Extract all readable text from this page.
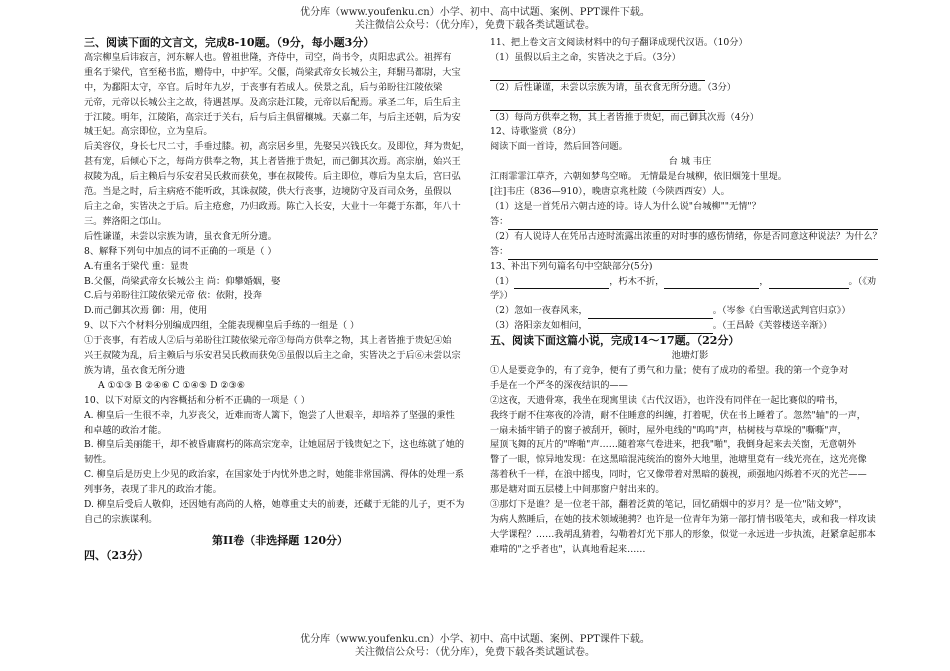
优分库（www.youfenku.cn）小学、初中、高中试题、案例、PPT课件下载。
关注微信公众号：（优分库），免费下载各类试题试卷。
三、阅读下面的文言文，完成8-10题。（9分，每小题3分）
高宗柳皇后讳寂言，河东解人也。曾祖世隆，齐侍中，司空，尚书令，贞阳忠武公。祖挥有
重名于梁代，官至秘书监，赠侍中，中护军。父偃，尚梁武帝女长城公主，拜駙马都尉，大宝
中，为鄱阳太守，卒官。后时年九岁，于丧事有若成人。侯景之乱，后与弟盼往江陵依梁
元帝，元帝以长城公主之故，待遇甚厚。及高宗赴江陵，元帝以后配焉。承圣二年，后生后主
于江陵。明年，江陵陷，高宗迁于关右，后与后主俱留穰城。天嘉二年，与后主还朝，后为安
城王妃。高宗即位，立为皇后。
后美容仪，身长七尺二寸，手垂过膝。初，高宗居乡里，先娶吴兴钱氏女。及即位，拜为贵妃，
甚有宠，后倾心下之，每尚方供奉之物，其上者皆推于贵妃，而己御其次焉。高宗崩，始兴王
叔陵为乱，后主赖后与乐安君吴氏救而获免，事在叔陵传。后主即位，尊后为皇太后，宫曰弘
范。当是之时，后主病疮不能听政，其诛叔陵，供大行丧事，边境防守及百司众务，虽假以
后主之命，实皆决之于后。后主疮愈，乃归政焉。陈亡入长安，大业十一年薨于东都，年八十
三。葬洛阳之邙山。
后性谦谨，未尝以宗族为请，虽衣食无所分遗。
8、解释下列句中加点的词不正确的一项是（ ）
A.有重名于梁代 重：显贵
B.父偃，尚梁武帝女长城公主 尚：仰攀婚姻，娶
C.后与弟盼往江陵依梁元帝 依：依附，投奔
D.而己御其次焉 御：用，使用
9、以下六个材料分别编成四组，全能表现柳皇后手练的一组是（ ）
①于丧事，有若成人②后与弟盼往江陵依梁元帝③每尚方供奉之物，其上者皆推于贵妃④始
兴王叔陵为乱，后主赖后与乐安君吴氏救而获免⑤虽假以后主之命，实皆决之于后⑥未尝以宗
族为请，虽衣食无所分遗
A ①①③ B ②④⑥ C ①④⑤ D ②③⑥
10、以下对原文的内容概括和分析不正确的一项是（ ）
A. 柳皇后一生很不幸，九岁丧父，近难而寄人篱下，饱尝了人世艰辛，却培养了坚强的秉性
和卓越的政治才能。
B. 柳皇后美丽能干，却不被昏庸腐朽的陈高宗宠幸，让她屈居于钱贵妃之下，这也练就了她的
韧性。
C. 柳皇后是历史上少见的政治家，在国家处于内忧外患之时，她能非常国满、得体的处理一系
列事务，表现了非凡的政治才能。
D. 柳皇后受后人敬仰，还因她有高尚的人格，她尊重丈夫的前妻，还藏于无能的儿子，更不为
自己的宗族谋利。
第II卷（非选择题 120分）
四、（23分）
11、把上卷文言文阅读材料中的句子翻译成现代汉语。（10分）
（1）虽假以后主之命，实皆决之于后。（3分）
（2）后性谦谨，未尝以宗族为请，虽衣食无所分遗。（3分）
（3）每尚方供奉之物，其上者皆推于贵妃，而己御其次焉（4分）
12、诗歌鉴赏（8分）
阅读下面一首诗，然后回答问题。
台 城 韦庄
江雨霏霏江草齐，六朝如梦鸟空啼。 无情最是台城柳，依旧烟笼十里堤。
[注]韦庄（836—910），晚唐京兆杜陵（今陕西西安）人。
（1）这是一首凭吊六朝古迹的诗。诗人为什么说"台城柳""无情"？
答：
（2）有人说诗人在凭吊古迹时流露出浓重的对时事的感伤情绪，你是否同意这种说法？为什么？
答：
13、补出下列句篇名句中空缺部分(5分)
（1）	，朽木不折，	，	。（《劝
学》）
（2）忽如一夜春风来，	。（岑参《白雪歌送武判官归京》）
（3）洛阳亲友如相问，	。（王昌龄《芙蓉楼送辛渐》）
五、阅读下面这篇小说，完成14～17题。（22分）
池塘灯影
①人是要竞争的，有了竞争，便有了勇气和力量；使有了成功的希望。我的第一个竞争对
手是在一个严冬的深夜结识的——
②这夜，天遗骨寒，我坐在现寓里读《古代汉语》，也许没有同伴在一起比赛似的啃书，
我终于耐不住寒夜的冷清，耐不住睡意的纠缠，打着呢，伏在书上睡着了。忽然"轴"的一声，
一扇未插牢销子的窗子被刮开，顿时，屋外电线的"呜呜"声，枯树枝与草垛的"嘶嘶"声，
屋顶飞舞的瓦片的"哗啪"声……随着寒气卷进来，把我"啪"，我倒身起来去关窗，无意朝外
瞥了一眼，惊异地发现：在这黑暗混沌统治的窗外大地里，池塘里竟有一线光亮在，这光亮像
荡着秋千一样，在浪中摇曳，同时，它又像带着对黑暗的藐视，顽强地闪烁着不灭的光芒——
那是塘对面五层楼上中间那窗户射出来的。
③那灯下是谁？是一位老干部，翻着泛黄的笔记，回忆硝烟中的岁月？是一位"陆文婷"，
为病人熬睡后，在她的技术领域驰骋？也许是一位青年为第一部打情书吸笔夫，或和我一样攻读
大学课程？……我胡乱猜着，勾勒着灯光下那人的形象，似觉一永远进一步执流，赶紧拿起那本
难啃的"之乎者也"，认真地看起来……
优分库（www.youfenku.cn）小学、初中、高中试题、案例、PPT课件下载。
关注微信公众号：（优分库），免费下载各类试题试卷。
